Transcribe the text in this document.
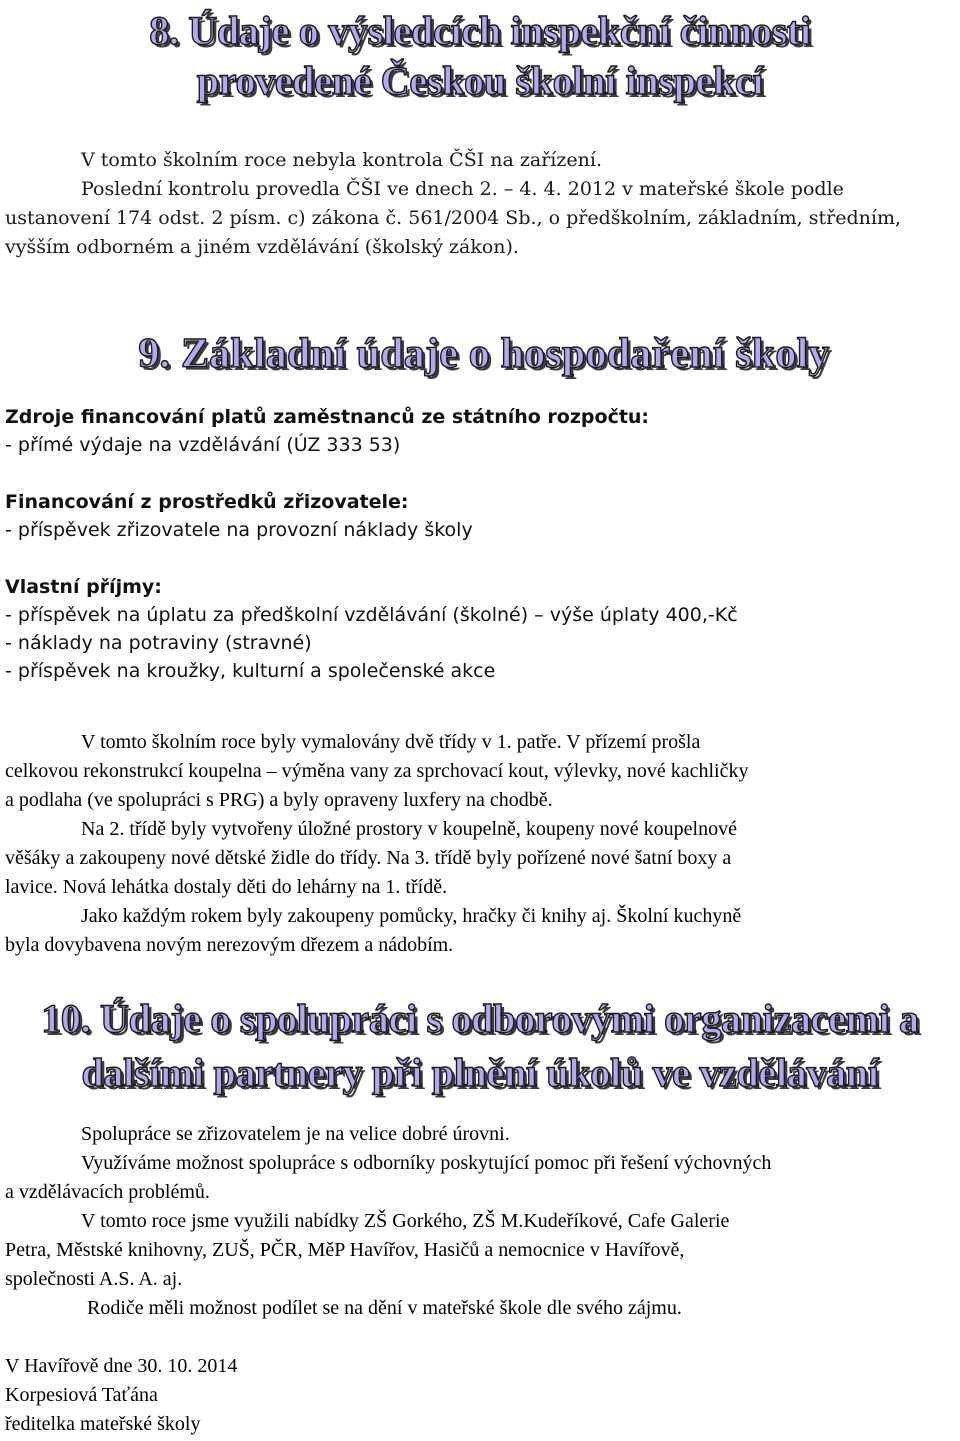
8. Údaje o výsledcích inspekční činnosti
provedené Českou školní inspekcí
V tomto školním roce nebyla kontrola ČŠI na zařízení.
Poslední kontrolu provedla ČŠI ve dnech 2. – 4. 4. 2012 v mateřské škole podle
ustanovení 174 odst. 2 písm. c) zákona č. 561/2004 Sb., o předškolním, základním, středním,
vyšším odborném a jiném vzdělávání (školský zákon).
9. Základní údaje o hospodaření školy
Zdroje financování platů zaměstnanců ze státního rozpočtu:
- přímé výdaje na vzdělávání (ÚZ 333 53)
Financování z prostředků zřizovatele:
- příspěvek zřizovatele na provozní náklady školy
Vlastní příjmy:
- příspěvek na úplatu za předškolní vzdělávání (školné) – výše úplaty 400,-Kč
- náklady na potraviny (stravné)
- příspěvek na kroužky, kulturní a společenské akce
V tomto školním roce byly vymalovány dvě třídy v 1. patře. V přízemí prošla
celkovou rekonstrukcí koupelna – výměna vany za sprchovací kout, výlevky, nové kachličky
a podlaha (ve spolupráci s PRG) a byly opraveny luxfery na chodbě.
Na 2. třídě byly vytvořeny úložné prostory v koupelně, koupeny nové koupelnové
věšáky a zakoupeny nové dětské židle do třídy. Na 3. třídě byly pořízené nové šatní boxy a
lavice. Nová lehátka dostaly děti do lehárny na 1. třídě.
Jako každým rokem byly zakoupeny pomůcky, hračky či knihy aj. Školní kuchyně
byla dovybavena novým nerezovým dřezem a nádobím.
10. Údaje o spolupráci s odborovými organizacemi a
dalšími partnery při plnění úkolů ve vzdělávání
Spolupráce se zřizovatelem je na velice dobré úrovni.
Využíváme možnost spolupráce s odborníky poskytující pomoc při řešení výchovných
a vzdělávacích problémů.
V tomto roce jsme využili nabídky ZŠ Gorkého, ZŠ M.Kudeříkové, Cafe Galerie
Petra, Městské knihovny, ZUŠ, PČR, MěP Havířov, Hasičů a nemocnice v Havířově,
společnosti A.S. A. aj.
Rodiče měli možnost podílet se na dění v mateřské škole dle svého zájmu.
V Havířově dne 30. 10. 2014
Korpesiová Taťána
ředitelka mateřské školy
